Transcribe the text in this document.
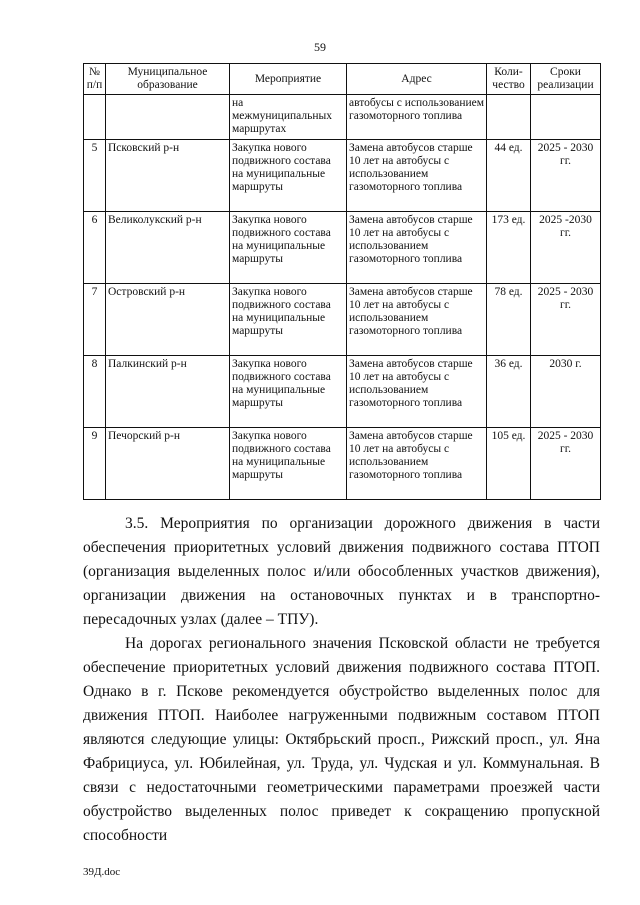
59
№ п/п	Муниципальное образование	Мероприятие	Адрес	Коли-чество	Сроки реализации
		на межмуниципальных маршрутах	автобусы с использованием газомоторного топлива		
5	Псковский р-н	Закупка нового подвижного состава на муниципальные маршруты	Замена автобусов старше 10 лет на автобусы с использованием газомоторного топлива	44 ед.	2025 - 2030 гг.
6	Великолукский р-н	Закупка нового подвижного состава на муниципальные маршруты	Замена автобусов старше 10 лет на автобусы с использованием газомоторного топлива	173 ед.	2025 -2030 гг.
7	Островский р-н	Закупка нового подвижного состава на муниципальные маршруты	Замена автобусов старше 10 лет на автобусы с использованием газомоторного топлива	78 ед.	2025 - 2030 гг.
8	Палкинский р-н	Закупка нового подвижного состава на муниципальные маршруты	Замена автобусов старше 10 лет на автобусы с использованием газомоторного топлива	36 ед.	2030 г.
9	Печорский р-н	Закупка нового подвижного состава на муниципальные маршруты	Замена автобусов старше 10 лет на автобусы с использованием газомоторного топлива	105 ед.	2025 - 2030 гг.

3.5. Мероприятия по организации дорожного движения в части обеспечения приоритетных условий движения подвижного состава ПТОП (организация выделенных полос и/или обособленных участков движения), организации движения на остановочных пунктах и в транспортно-пересадочных узлах (далее – ТПУ).

На дорогах регионального значения Псковской области не требуется обеспечение приоритетных условий движения подвижного состава ПТОП. Однако в г. Пскове рекомендуется обустройство выделенных полос для движения ПТОП. Наиболее нагруженными подвижным составом ПТОП являются следующие улицы: Октябрьский просп., Рижский просп., ул. Яна Фабрициуса, ул. Юбилейная, ул. Труда, ул. Чудская и ул. Коммунальная. В связи с недостаточными геометрическими параметрами проезжей части обустройство выделенных полос приведет к сокращению пропускной способности

39Д.doc
